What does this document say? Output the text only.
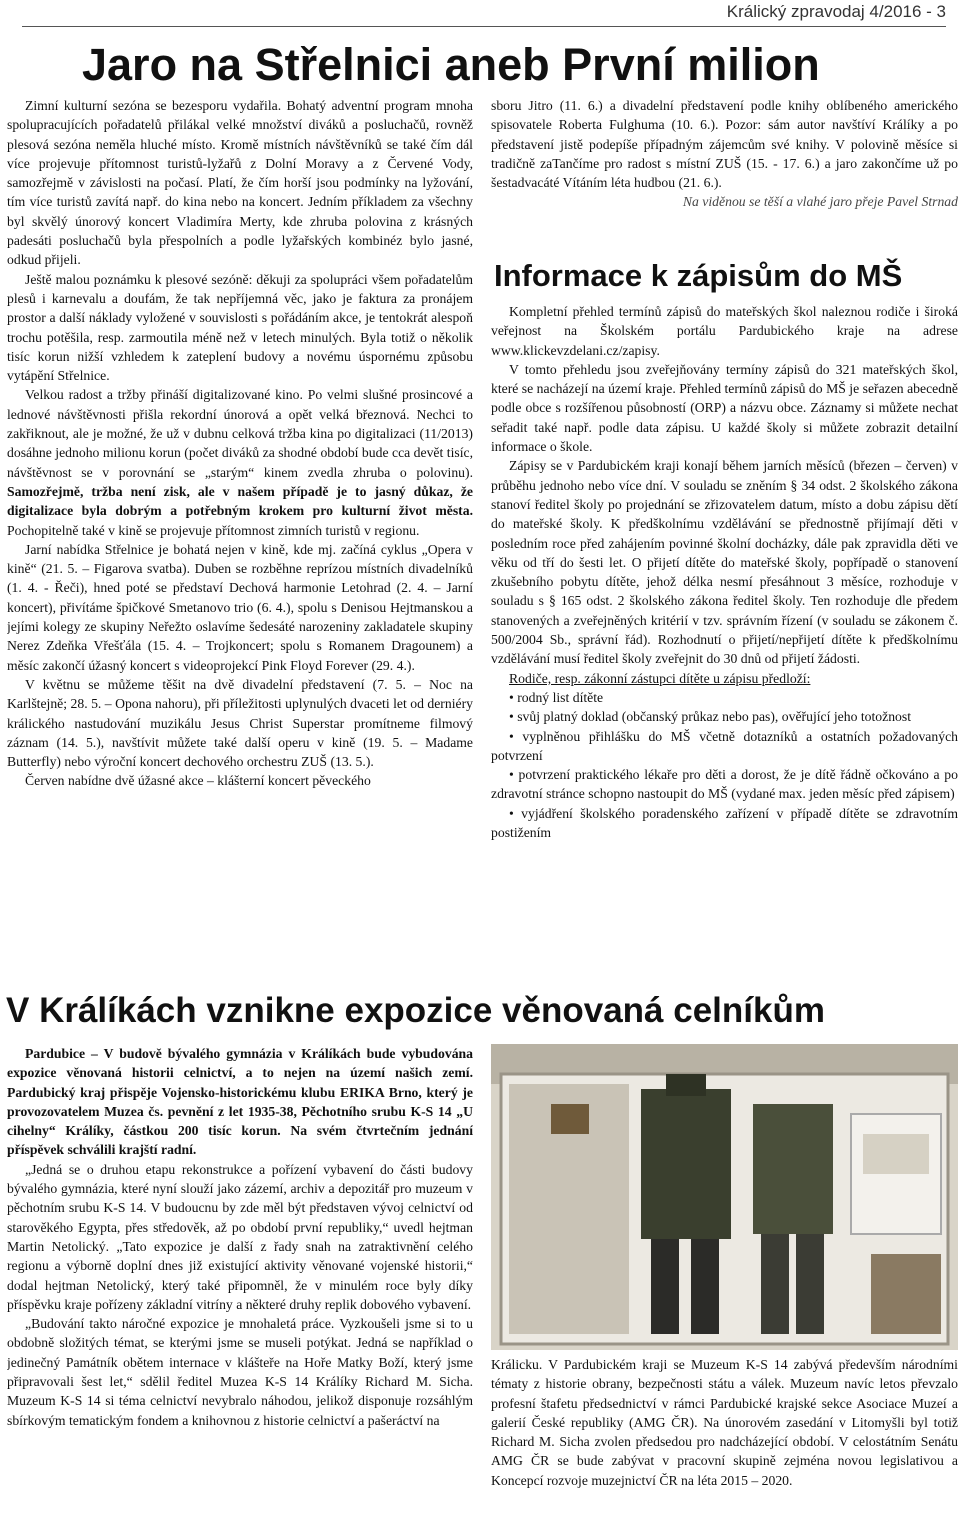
Králický zpravodaj 4/2016 - 3
Jaro na Střelnici aneb První milion

Zimní kulturní sezóna se bezesporu vydařila. Bohatý adventní program mnoha spolupracujících pořadatelů přilákal velké množství diváků a posluchačů, rovněž plesová sezóna neměla hluché místo. Kromě místních návštěvníků se také čím dál více projevuje přítomnost turistů-lyžařů z Dolní Moravy a z Červené Vody, samozřejmě v závislosti na počasí. Platí, že čím horší jsou podmínky na lyžování, tím více turistů zavítá např. do kina nebo na koncert. Jedním příkladem za všechny byl skvělý únorový koncert Vladimíra Merty, kde zhruba polovina z krásných padesáti posluchačů byla přespolních a podle lyžařských kombinéz bylo jasné, odkud přijeli.

Ještě malou poznámku k plesové sezóně: děkuji za spolupráci všem pořadatelům plesů i karnevalu a doufám, že tak nepříjemná věc, jako je faktura za pronájem prostor a další náklady vyložené v souvislosti s pořádáním akce, je tentokrát alespoň trochu potěšila, resp. zarmoutila méně než v letech minulých. Byla totiž o několik tisíc korun nižší vzhledem k zateplení budovy a novému úspornému způsobu vytápění Střelnice.

Velkou radost a tržby přináší digitalizované kino. Po velmi slušné prosincové a lednové návštěvnosti přišla rekordní únorová a opět velká březnová. Nechci to zakřiknout, ale je možné, že už v dubnu celková tržba kina po digitalizaci (11/2013) dosáhne jednoho milionu korun (počet diváků za shodné období bude cca devět tisíc, návštěvnost se v porovnání se „starým“ kinem zvedla zhruba o polovinu). Samozřejmě, tržba není zisk, ale v našem případě je to jasný důkaz, že digitalizace byla dobrým a potřebným krokem pro kulturní život města. Pochopitelně také v kině se projevuje přítomnost zimních turistů v regionu.

Jarní nabídka Střelnice je bohatá nejen v kině, kde mj. začíná cyklus „Opera v kině“ (21. 5. – Figarova svatba). Duben se rozběhne reprízou místních divadelníků (1. 4. - Řeči), hned poté se představí Dechová harmonie Letohrad (2. 4. – Jarní koncert), přivítáme špičkové Smetanovo trio (6. 4.), spolu s Denisou Hejtmanskou a jejími kolegy ze skupiny Neřežto oslavíme šedesáté narozeniny zakladatele skupiny Nerez Zdeňka Vřešťála (15. 4. – Trojkoncert; spolu s Romanem Dragounem) a měsíc zakončí úžasný koncert s videoprojekcí Pink Floyd Forever (29. 4.).

V květnu se můžeme těšit na dvě divadelní představení (7. 5. – Noc na Karlštejně; 28. 5. – Opona nahoru), při příležitosti uplynulých dvaceti let od derniéry králického nastudování muzikálu Jesus Christ Superstar promítneme filmový záznam (14. 5.), navštívit můžete také další operu v kině (19. 5. – Madame Butterfly) nebo výroční koncert dechového orchestru ZUŠ (13. 5.).

Červen nabídne dvě úžasné akce – klášterní koncert pěveckého

sboru Jitro (11. 6.) a divadelní představení podle knihy oblíbeného amerického spisovatele Roberta Fulghuma (10. 6.). Pozor: sám autor navštíví Králíky a po představení jistě podepíše případným zájemcům své knihy. V polovině měsíce si tradičně zaTančíme pro radost s místní ZUŠ (15. - 17. 6.) a jaro zakončíme už po šestadvacáté Vítáním léta hudbou (21. 6.).

Na viděnou se těší a vlahé jaro přeje Pavel Strnad

Informace k zápisům do MŠ

Kompletní přehled termínů zápisů do mateřských škol naleznou rodiče i široká veřejnost na Školském portálu Pardubického kraje na adrese www.klickevzdelani.cz/zapisy.

V tomto přehledu jsou zveřejňovány termíny zápisů do 321 mateřských škol, které se nacházejí na území kraje. Přehled termínů zápisů do MŠ je seřazen abecedně podle obce s rozšířenou působností (ORP) a názvu obce. Záznamy si můžete nechat seřadit také např. podle data zápisu. U každé školy si můžete zobrazit detailní informace o škole.

Zápisy se v Pardubickém kraji konají během jarních měsíců (březen – červen) v průběhu jednoho nebo více dní. V souladu se zněním § 34 odst. 2 školského zákona stanoví ředitel školy po projednání se zřizovatelem datum, místo a dobu zápisu dětí do mateřské školy. K předškolnímu vzdělávání se přednostně přijímají děti v posledním roce před zahájením povinné školní docházky, dále pak zpravidla děti ve věku od tří do šesti let. O přijetí dítěte do mateřské školy, popřípadě o stanovení zkušebního pobytu dítěte, jehož délka nesmí přesáhnout 3 měsíce, rozhoduje v souladu s § 165 odst. 2 školského zákona ředitel školy. Ten rozhoduje dle předem stanovených a zveřejněných kritérií v tzv. správním řízení (v souladu se zákonem č. 500/2004 Sb., správní řád). Rozhodnutí o přijetí/nepřijetí dítěte k předškolnímu vzdělávání musí ředitel školy zveřejnit do 30 dnů od přijetí žádosti.

Rodiče, resp. zákonní zástupci dítěte u zápisu předloží:

• rodný list dítěte

• svůj platný doklad (občanský průkaz nebo pas), ověřující jeho totožnost

• vyplněnou přihlášku do MŠ včetně dotazníků a ostatních požadovaných potvrzení

• potvrzení praktického lékaře pro děti a dorost, že je dítě řádně očkováno a po zdravotní stránce schopno nastoupit do MŠ (vydané max. jeden měsíc před zápisem)

• vyjádření školského poradenského zařízení v případě dítěte se zdravotním postižením

V Králíkách vznikne expozice věnovaná celníkům

Pardubice – V budově bývalého gymnázia v Králíkách bude vybudována expozice věnovaná historii celnictví, a to nejen na území našich zemí. Pardubický kraj přispěje Vojensko-historickému klubu ERIKA Brno, který je provozovatelem Muzea čs. pevnění z let 1935-38, Pěchotního srubu K-S 14 „U cihelny“ Králíky, částkou 200 tisíc korun. Na svém čtvrtečním jednání příspěvek schválili krajští radní.

„Jedná se o druhou etapu rekonstrukce a pořízení vybavení do části budovy bývalého gymnázia, které nyní slouží jako zázemí, archiv a depozitář pro muzeum v pěchotním srubu K-S 14. V budoucnu by zde měl být představen vývoj celnictví od starověkého Egypta, přes středověk, až po období první republiky,“ uvedl hejtman Martin Netolický. „Tato expozice je další z řady snah na zatraktivnění celého regionu a výborně doplní dnes již existující aktivity věnované vojenské historii,“ dodal hejtman Netolický, který také připomněl, že v minulém roce byly díky příspěvku kraje pořízeny základní vitríny a některé druhy replik dobového vybavení.

„Budování takto náročné expozice je mnohaletá práce. Vyzkoušeli jsme si to u obdobně složitých témat, se kterými jsme se museli potýkat. Jedná se například o jedinečný Památník obětem internace v klášteře na Hoře Matky Boží, který jsme připravovali šest let,“ sdělil ředitel Muzea K-S 14 Králíky Richard M. Sicha. Muzeum K-S 14 si téma celnictví nevybralo náhodou, jelikož disponuje rozsáhlým sbírkovým tematickým fondem a knihovnou z historie celnictví a pašeráctví na

Králicku. V Pardubickém kraji se Muzeum K-S 14 zabývá především národními tématy z historie obrany, bezpečnosti státu a válek. Muzeum navíc letos převzalo profesní štafetu předsednictví v rámci Pardubické krajské sekce Asociace Muzeí a galerií České republiky (AMG ČR). Na únorovém zasedání v Litomyšli byl totiž Richard M. Sicha zvolen předsedou pro nadcházející období. V celostátním Senátu AMG ČR se bude zabývat v pracovní skupině zejména novou legislativou a Koncepcí rozvoje muzejnictví ČR na léta 2015 – 2020.
